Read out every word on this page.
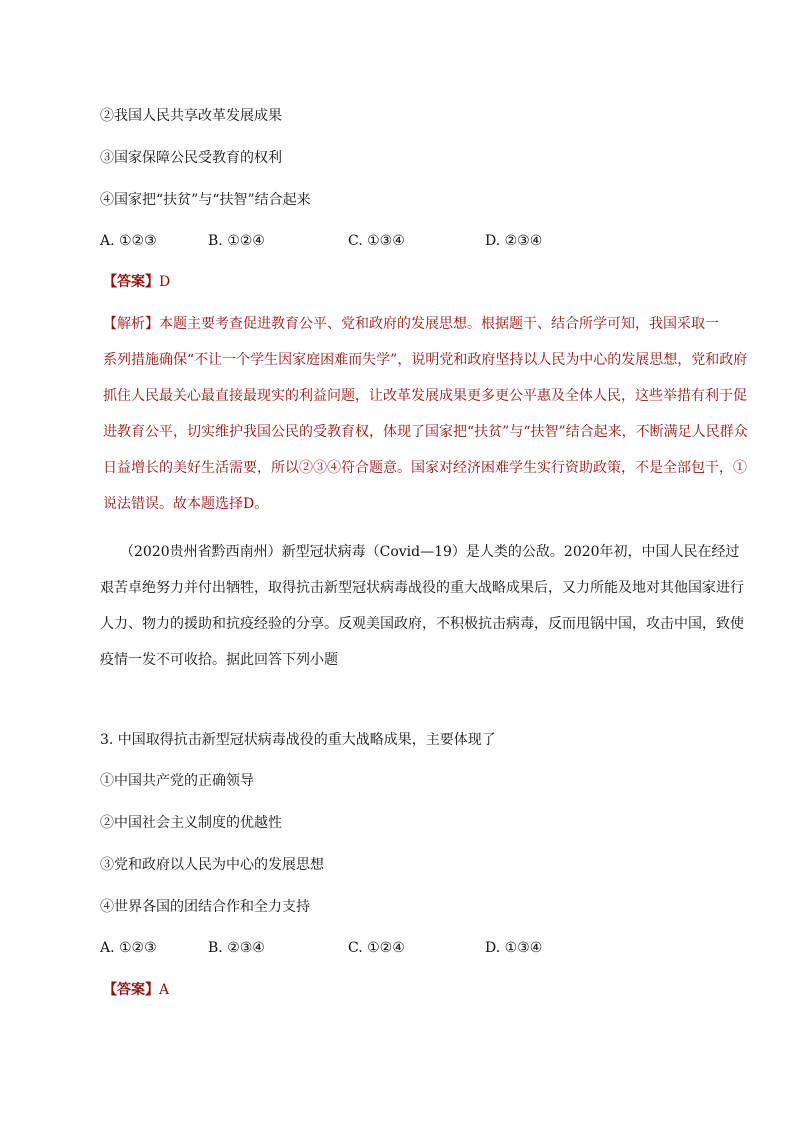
②我国人民共享改革发展成果
③国家保障公民受教育的权利
④国家把“扶贫”与“扶智”结合起来
A. ①②③	B. ①②④	C. ①③④	D. ②③④
【答案】D
【解析】本题主要考查促进教育公平、党和政府的发展思想。根据题干、结合所学可知，我国采取一
系列措施确保“不让一个学生因家庭困难而失学”，说明党和政府坚持以人民为中心的发展思想，党和政府
抓住人民最关心最直接最现实的利益问题，让改革发展成果更多更公平惠及全体人民，这些举措有利于促
进教育公平，切实维护我国公民的受教育权，体现了国家把“扶贫”与“扶智”结合起来，不断满足人民群众
日益增长的美好生活需要，所以②③④符合题意。国家对经济困难学生实行资助政策，不是全部包干，①
说法错误。故本题选择D。
（2020贵州省黔西南州）新型冠状病毒（Covid—19）是人类的公敌。2020年初，中国人民在经过
艰苦卓绝努力并付出牺牲，取得抗击新型冠状病毒战役的重大战略成果后，又力所能及地对其他国家进行
人力、物力的援助和抗疫经验的分享。反观美国政府，不积极抗击病毒，反而甩锅中国，攻击中国，致使
疫情一发不可收拾。据此回答下列小题
3. 中国取得抗击新型冠状病毒战役的重大战略成果，主要体现了
①中国共产党的正确领导
②中国社会主义制度的优越性
③党和政府以人民为中心的发展思想
④世界各国的团结合作和全力支持
A. ①②③	B. ②③④	C. ①②④	D. ①③④
【答案】A
